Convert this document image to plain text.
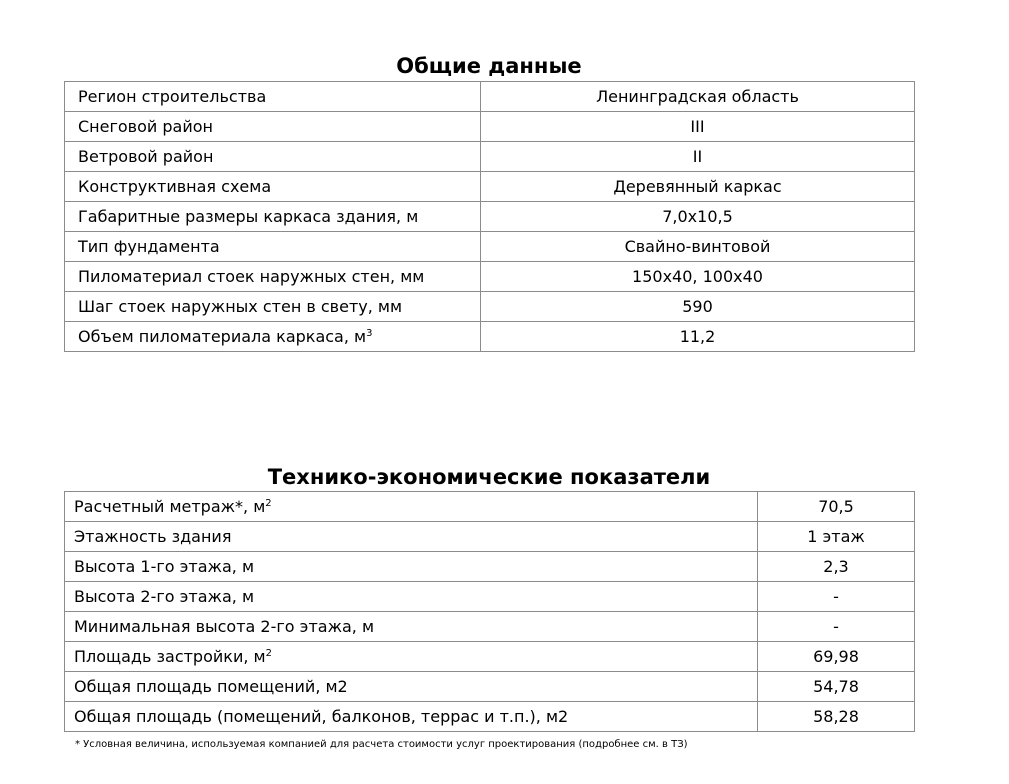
Общие данные
Регион строительства	Ленинградская область
Снеговой район	III
Ветровой район	II
Конструктивная схема	Деревянный каркас
Габаритные размеры каркаса здания, м	7,0х10,5
Тип фундамента	Свайно-винтовой
Пиломатериал стоек наружных стен, мм	150х40, 100х40
Шаг стоек наружных стен в свету, мм	590
Объем пиломатериала каркаса, $м^3$	11,2
Технико-экономические показатели
Расчетный метраж*, $м^2$	70,5
Этажность здания	1 этаж
Высота 1-го этажа, м	2,3
Высота 2-го этажа, м	-
Минимальная высота 2-го этажа, м	-
Площадь застройки, $м^2$	69,98
Общая площадь помещений, м2	54,78
Общая площадь (помещений, балконов, террас и т.п.), м2	58,28
* Условная величина, используемая компанией для расчета стоимости услуг проектирования (подробнее см. в ТЗ)
